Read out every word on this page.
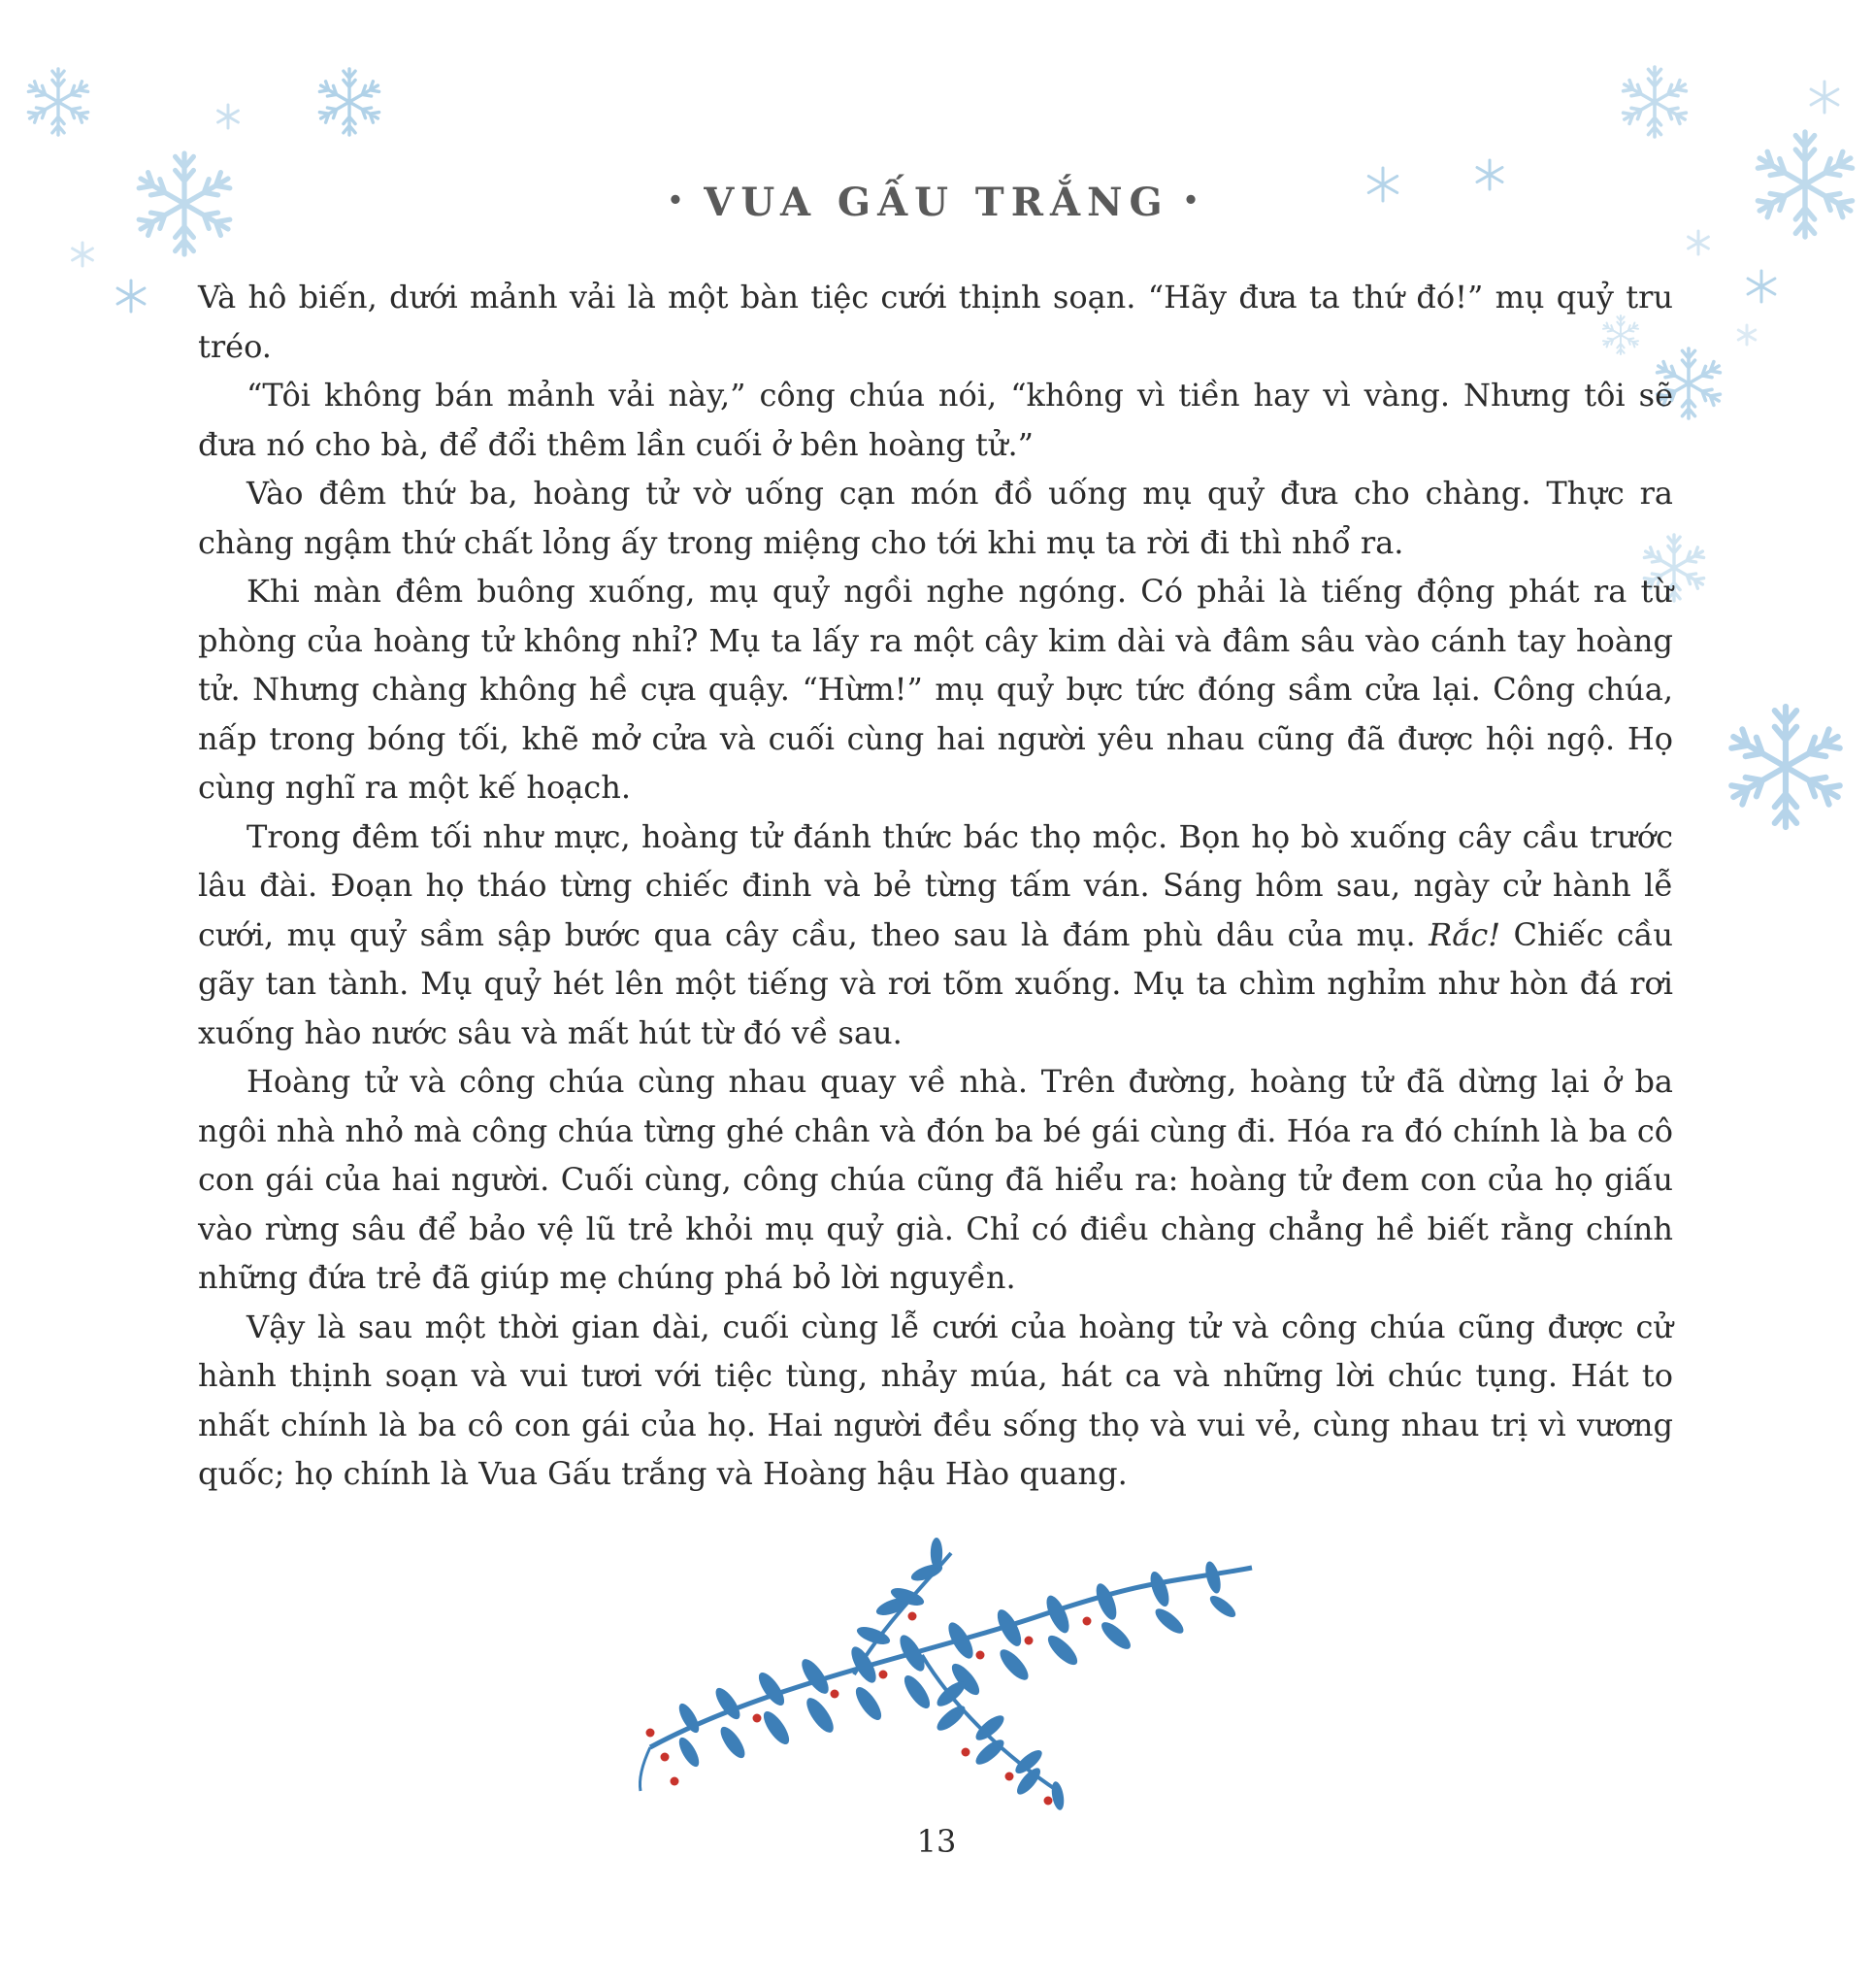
• VUA GẤU TRẮNG •

Và hô biến, dưới mảnh vải là một bàn tiệc cưới thịnh soạn. “Hãy đưa ta thứ đó!” mụ quỷ tru tréo.

“Tôi không bán mảnh vải này,” công chúa nói, “không vì tiền hay vì vàng. Nhưng tôi sẽ đưa nó cho bà, để đổi thêm lần cuối ở bên hoàng tử.”

Vào đêm thứ ba, hoàng tử vờ uống cạn món đồ uống mụ quỷ đưa cho chàng. Thực ra chàng ngậm thứ chất lỏng ấy trong miệng cho tới khi mụ ta rời đi thì nhổ ra.

Khi màn đêm buông xuống, mụ quỷ ngồi nghe ngóng. Có phải là tiếng động phát ra từ phòng của hoàng tử không nhỉ? Mụ ta lấy ra một cây kim dài và đâm sâu vào cánh tay hoàng tử. Nhưng chàng không hề cựa quậy. “Hừm!” mụ quỷ bực tức đóng sầm cửa lại. Công chúa, nấp trong bóng tối, khẽ mở cửa và cuối cùng hai người yêu nhau cũng đã được hội ngộ. Họ cùng nghĩ ra một kế hoạch.

Trong đêm tối như mực, hoàng tử đánh thức bác thọ mộc. Bọn họ bò xuống cây cầu trước lâu đài. Đoạn họ tháo từng chiếc đinh và bẻ từng tấm ván. Sáng hôm sau, ngày cử hành lễ cưới, mụ quỷ sầm sập bước qua cây cầu, theo sau là đám phù dâu của mụ. Rắc! Chiếc cầu gãy tan tành. Mụ quỷ hét lên một tiếng và rơi tõm xuống. Mụ ta chìm nghỉm như hòn đá rơi xuống hào nước sâu và mất hút từ đó về sau.

Hoàng tử và công chúa cùng nhau quay về nhà. Trên đường, hoàng tử đã dừng lại ở ba ngôi nhà nhỏ mà công chúa từng ghé chân và đón ba bé gái cùng đi. Hóa ra đó chính là ba cô con gái của hai người. Cuối cùng, công chúa cũng đã hiểu ra: hoàng tử đem con của họ giấu vào rừng sâu để bảo vệ lũ trẻ khỏi mụ quỷ già. Chỉ có điều chàng chẳng hề biết rằng chính những đứa trẻ đã giúp mẹ chúng phá bỏ lời nguyền.

Vậy là sau một thời gian dài, cuối cùng lễ cưới của hoàng tử và công chúa cũng được cử hành thịnh soạn và vui tươi với tiệc tùng, nhảy múa, hát ca và những lời chúc tụng. Hát to nhất chính là ba cô con gái của họ. Hai người đều sống thọ và vui vẻ, cùng nhau trị vì vương quốc; họ chính là Vua Gấu trắng và Hoàng hậu Hào quang.

13
